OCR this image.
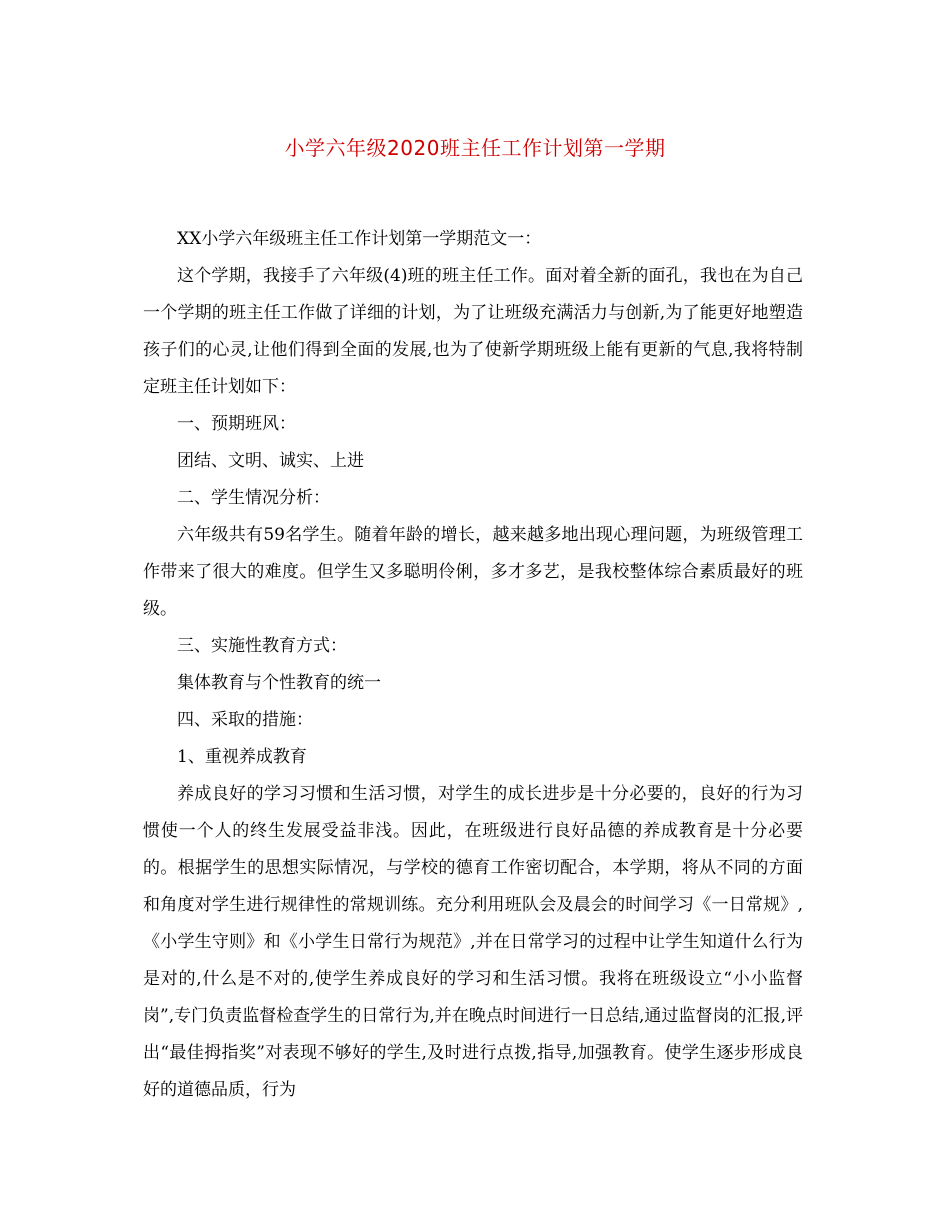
小学六年级2020班主任工作计划第一学期

XX小学六年级班主任工作计划第一学期范文一：

这个学期，我接手了六年级(4)班的班主任工作。面对着全新的面孔，我也在为自己一个学期的班主任工作做了详细的计划，为了让班级充满活力与创新,为了能更好地塑造孩子们的心灵,让他们得到全面的发展,也为了使新学期班级上能有更新的气息,我将特制定班主任计划如下：

一、预期班风：

团结、文明、诚实、上进

二、学生情况分析：

六年级共有59名学生。随着年龄的增长，越来越多地出现心理问题，为班级管理工作带来了很大的难度。但学生又多聪明伶俐，多才多艺，是我校整体综合素质最好的班级。

三、实施性教育方式：

集体教育与个性教育的统一

四、采取的措施：

1、重视养成教育

养成良好的学习习惯和生活习惯，对学生的成长进步是十分必要的，良好的行为习惯使一个人的终生发展受益非浅。因此，在班级进行良好品德的养成教育是十分必要的。根据学生的思想实际情况，与学校的德育工作密切配合，本学期，将从不同的方面和角度对学生进行规律性的常规训练。充分利用班队会及晨会的时间学习《一日常规》,《小学生守则》和《小学生日常行为规范》,并在日常学习的过程中让学生知道什么行为是对的,什么是不对的,使学生养成良好的学习和生活习惯。我将在班级设立“小小监督岗”,专门负责监督检查学生的日常行为,并在晚点时间进行一日总结,通过监督岗的汇报,评出“最佳拇指奖”对表现不够好的学生,及时进行点拨,指导,加强教育。使学生逐步形成良好的道德品质，行为
